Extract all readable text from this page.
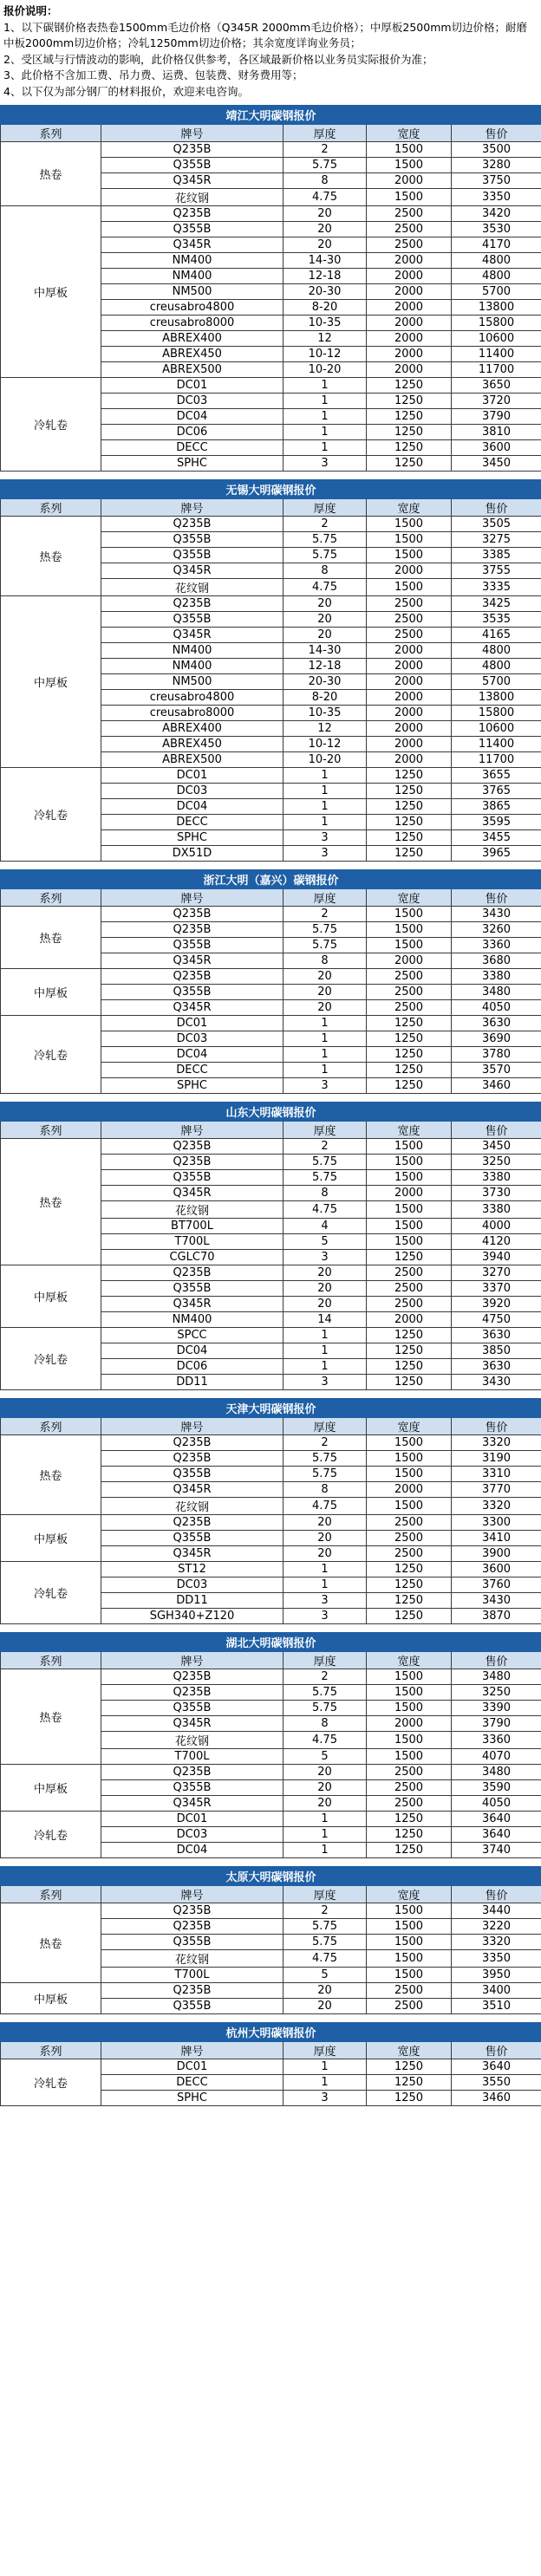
报价说明：
1、以下碳钢价格表热卷1500mm毛边价格（Q345R 2000mm毛边价格）；中厚板2500mm切边价格；耐磨中板2000mm切边价格；冷轧1250mm切边价格；其余宽度详询业务员；
2、受区域与行情波动的影响，此价格仅供参考，各区域最新价格以业务员实际报价为准；
3、此价格不含加工费、吊力费、运费、包装费、财务费用等；
4、以下仅为部分钢厂的材料报价，欢迎来电咨询。
靖江大明碳钢报价				
系列	牌号	厚度	宽度	售价
热卷	Q235B	2	1500	3500
	Q355B	5.75	1500	3280
	Q345R	8	2000	3750
	花纹钢	4.75	1500	3350
中厚板	Q235B	20	2500	3420
	Q355B	20	2500	3530
	Q345R	20	2500	4170
	NM400	14-30	2000	4800
	NM400	12-18	2000	4800
	NM500	20-30	2000	5700
	creusabro4800	8-20	2000	13800
	creusabro8000	10-35	2000	15800
	ABREX400	12	2000	10600
	ABREX450	10-12	2000	11400
	ABREX500	10-20	2000	11700
冷轧卷	DC01	1	1250	3650
	DC03	1	1250	3720
	DC04	1	1250	3790
	DC06	1	1250	3810
	DECC	1	1250	3600
	SPHC	3	1250	3450
无锡大明碳钢报价				
系列	牌号	厚度	宽度	售价
热卷	Q235B	2	1500	3505
	Q355B	5.75	1500	3275
	Q355B	5.75	1500	3385
	Q345R	8	2000	3755
	花纹钢	4.75	1500	3335
中厚板	Q235B	20	2500	3425
	Q355B	20	2500	3535
	Q345R	20	2500	4165
	NM400	14-30	2000	4800
	NM400	12-18	2000	4800
	NM500	20-30	2000	5700
	creusabro4800	8-20	2000	13800
	creusabro8000	10-35	2000	15800
	ABREX400	12	2000	10600
	ABREX450	10-12	2000	11400
	ABREX500	10-20	2000	11700
冷轧卷	DC01	1	1250	3655
	DC03	1	1250	3765
	DC04	1	1250	3865
	DECC	1	1250	3595
	SPHC	3	1250	3455
	DX51D	3	1250	3965
浙江大明（嘉兴）碳钢报价				
系列	牌号	厚度	宽度	售价
热卷	Q235B	2	1500	3430
	Q235B	5.75	1500	3260
	Q355B	5.75	1500	3360
	Q345R	8	2000	3680
中厚板	Q235B	20	2500	3380
	Q355B	20	2500	3480
	Q345R	20	2500	4050
冷轧卷	DC01	1	1250	3630
	DC03	1	1250	3690
	DC04	1	1250	3780
	DECC	1	1250	3570
	SPHC	3	1250	3460
山东大明碳钢报价				
系列	牌号	厚度	宽度	售价
热卷	Q235B	2	1500	3450
	Q235B	5.75	1500	3250
	Q355B	5.75	1500	3380
	Q345R	8	2000	3730
	花纹钢	4.75	1500	3380
	BT700L	4	1500	4000
	T700L	5	1500	4120
	CGLC70	3	1250	3940
中厚板	Q235B	20	2500	3270
	Q355B	20	2500	3370
	Q345R	20	2500	3920
	NM400	14	2000	4750
冷轧卷	SPCC	1	1250	3630
	DC04	1	1250	3850
	DC06	1	1250	3630
	DD11	3	1250	3430
天津大明碳钢报价				
系列	牌号	厚度	宽度	售价
热卷	Q235B	2	1500	3320
	Q235B	5.75	1500	3190
	Q355B	5.75	1500	3310
	Q345R	8	2000	3770
	花纹钢	4.75	1500	3320
中厚板	Q235B	20	2500	3300
	Q355B	20	2500	3410
	Q345R	20	2500	3900
冷轧卷	ST12	1	1250	3600
	DC03	1	1250	3760
	DD11	3	1250	3430
	SGH340+Z120	3	1250	3870
湖北大明碳钢报价				
系列	牌号	厚度	宽度	售价
热卷	Q235B	2	1500	3480
	Q235B	5.75	1500	3250
	Q355B	5.75	1500	3390
	Q345R	8	2000	3790
	花纹钢	4.75	1500	3360
	T700L	5	1500	4070
中厚板	Q235B	20	2500	3480
	Q355B	20	2500	3590
	Q345R	20	2500	4050
冷轧卷	DC01	1	1250	3640
	DC03	1	1250	3640
	DC04	1	1250	3740
太原大明碳钢报价				
系列	牌号	厚度	宽度	售价
热卷	Q235B	2	1500	3440
	Q235B	5.75	1500	3220
	Q355B	5.75	1500	3320
	花纹钢	4.75	1500	3350
	T700L	5	1500	3950
中厚板	Q235B	20	2500	3400
	Q355B	20	2500	3510
杭州大明碳钢报价				
系列	牌号	厚度	宽度	售价
冷轧卷	DC01	1	1250	3640
	DECC	1	1250	3550
	SPHC	3	1250	3460
